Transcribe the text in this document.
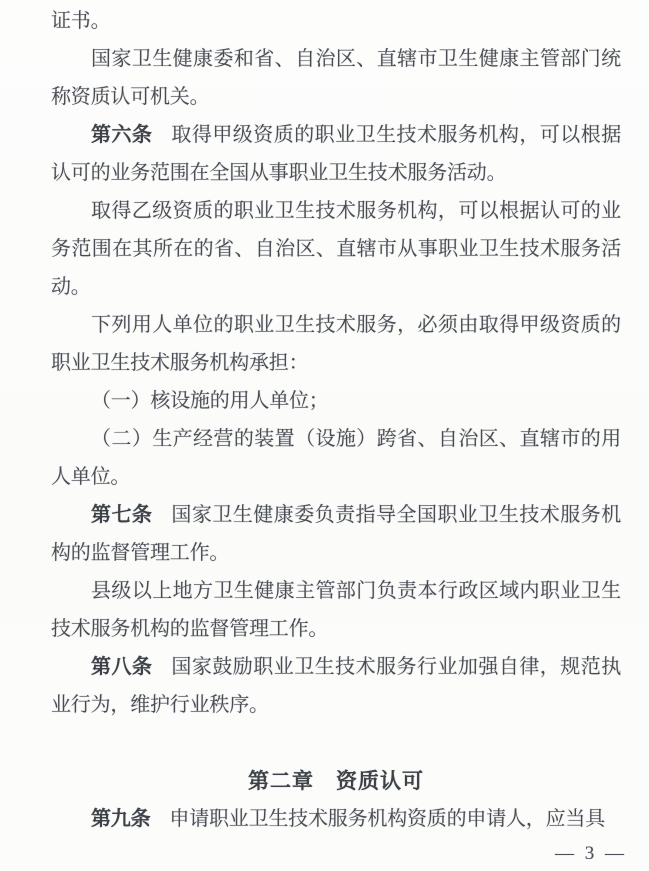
证书。

国家卫生健康委和省、自治区、直辖市卫生健康主管部门统称资质认可机关。

第六条 取得甲级资质的职业卫生技术服务机构，可以根据认可的业务范围在全国从事职业卫生技术服务活动。

取得乙级资质的职业卫生技术服务机构，可以根据认可的业务范围在其所在的省、自治区、直辖市从事职业卫生技术服务活动。

下列用人单位的职业卫生技术服务，必须由取得甲级资质的职业卫生技术服务机构承担：

（一）核设施的用人单位；

（二）生产经营的装置（设施）跨省、自治区、直辖市的用人单位。

第七条 国家卫生健康委负责指导全国职业卫生技术服务机构的监督管理工作。

县级以上地方卫生健康主管部门负责本行政区域内职业卫生技术服务机构的监督管理工作。

第八条 国家鼓励职业卫生技术服务行业加强自律，规范执业行为，维护行业秩序。

第二章　资质认可

第九条 申请职业卫生技术服务机构资质的申请人，应当具

— 3 —
